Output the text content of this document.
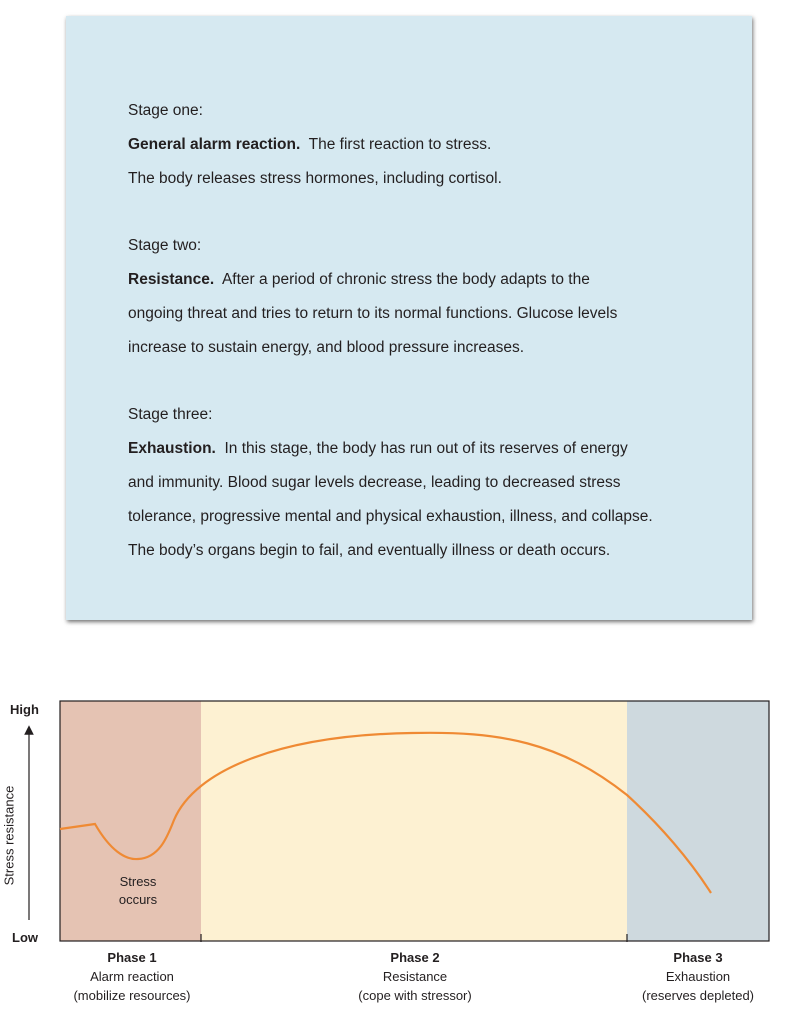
Stage one:

General alarm reaction. The first reaction to stress.

The body releases stress hormones, including cortisol.

Stage two:

Resistance. After a period of chronic stress the body adapts to the

ongoing threat and tries to return to its normal functions. Glucose levels

increase to sustain energy, and blood pressure increases.

Stage three:

Exhaustion. In this stage, the body has run out of its reserves of energy

and immunity. Blood sugar levels decrease, leading to decreased stress

tolerance, progressive mental and physical exhaustion, illness, and collapse.

The body’s organs begin to fail, and eventually illness or death occurs.

High
Low
Stress resistance	Stress
occurs
Phase 1
Alarm reaction
(mobilize resources)
Phase 2
Resistance
(cope with stressor)
Phase 3
Exhaustion
(reserves depleted)
